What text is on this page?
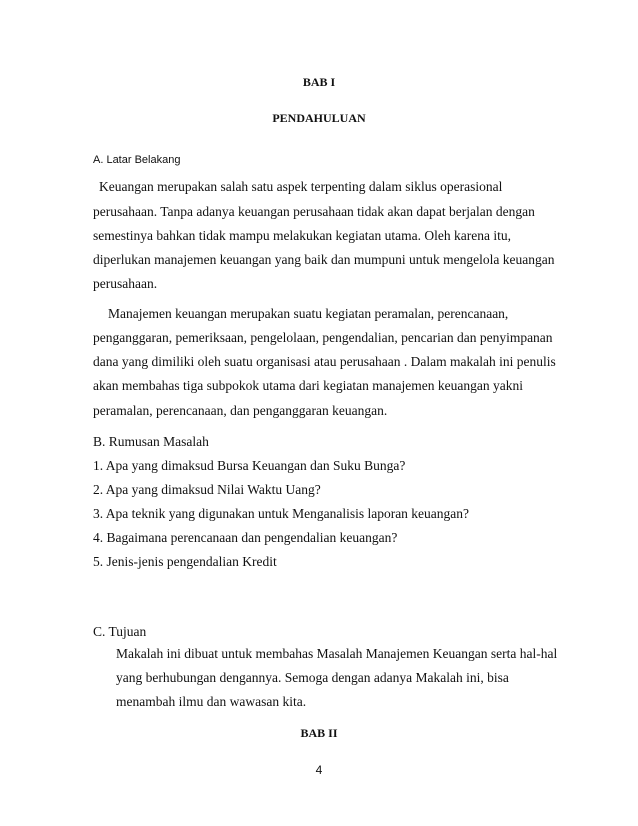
BAB I
PENDAHULUAN
A. Latar Belakang
Keuangan merupakan salah satu aspek terpenting dalam siklus operasional
perusahaan. Tanpa adanya keuangan perusahaan tidak akan dapat berjalan dengan
semestinya bahkan tidak mampu melakukan kegiatan utama. Oleh karena itu,
diperlukan manajemen keuangan yang baik dan mumpuni untuk mengelola keuangan
perusahaan.
Manajemen keuangan merupakan suatu kegiatan peramalan, perencanaan,
penganggaran, pemeriksaan, pengelolaan, pengendalian, pencarian dan penyimpanan
dana yang dimiliki oleh suatu organisasi atau perusahaan . Dalam makalah ini penulis
akan membahas tiga subpokok utama dari kegiatan manajemen keuangan yakni
peramalan, perencanaan, dan penganggaran keuangan.
B. Rumusan Masalah
1. Apa yang dimaksud Bursa Keuangan dan Suku Bunga?
2. Apa yang dimaksud Nilai Waktu Uang?
3. Apa teknik yang digunakan untuk Menganalisis laporan keuangan?
4. Bagaimana perencanaan dan pengendalian keuangan?
5. Jenis-jenis pengendalian Kredit
C. Tujuan
Makalah ini dibuat untuk membahas Masalah Manajemen Keuangan serta hal-hal
yang berhubungan dengannya. Semoga dengan adanya Makalah ini, bisa
menambah ilmu dan wawasan kita.
BAB II
4
